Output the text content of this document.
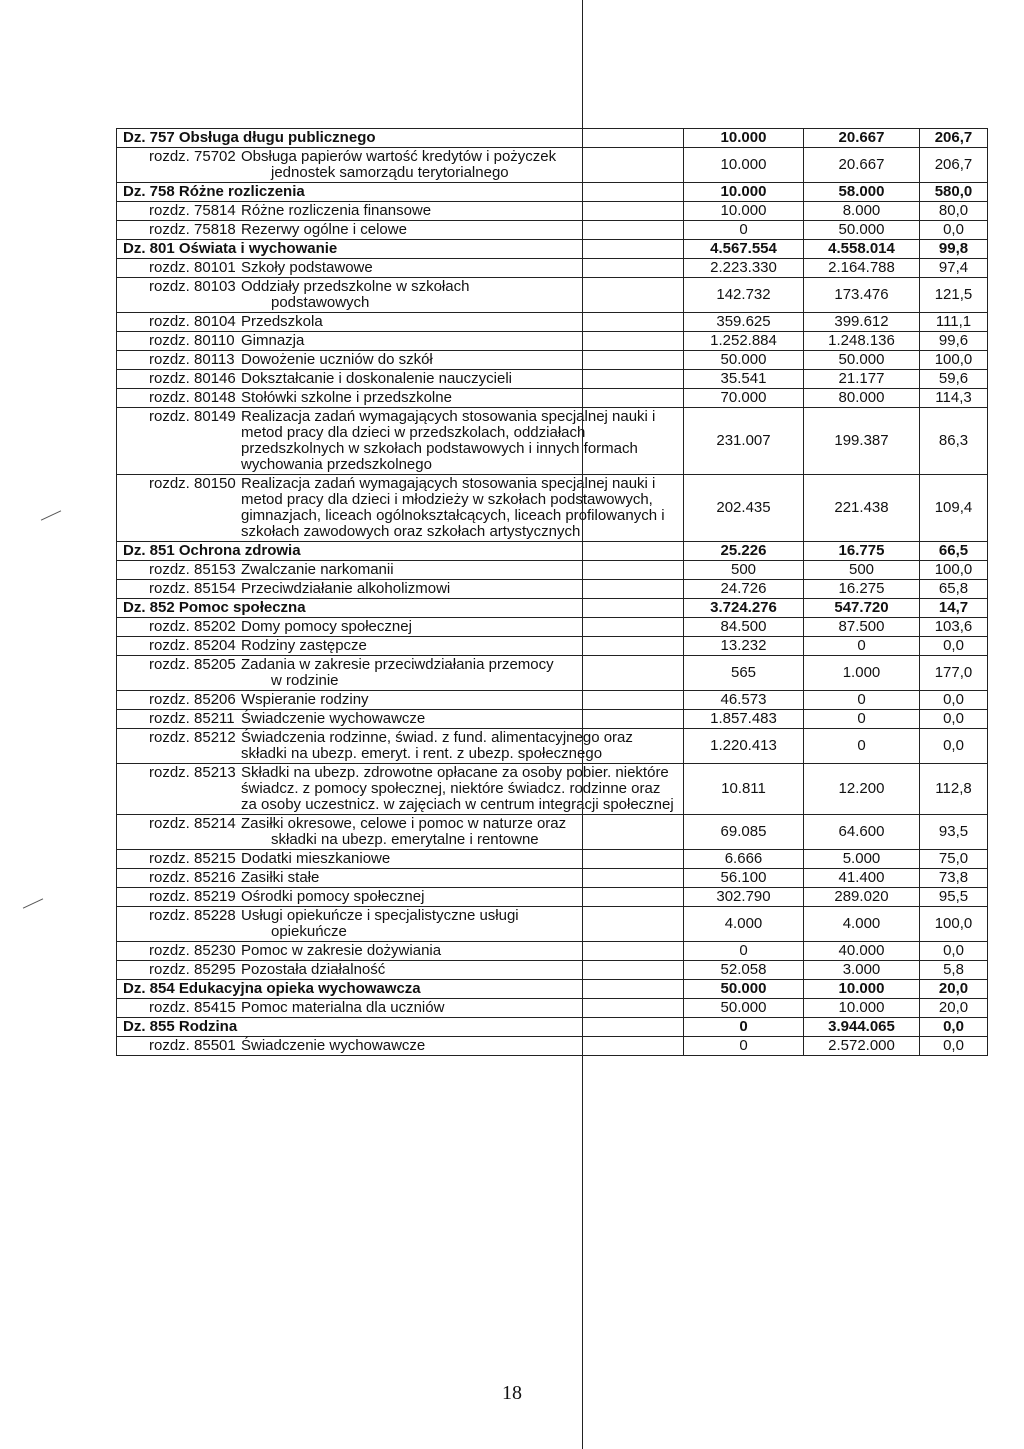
Dz. 757 Obsługa długu publicznego	10.000	20.667	206,7
rozdz. 75702 Obsługa papierów wartość kredytów i pożyczek
jednostek samorządu terytorialnego	10.000	20.667	206,7
Dz. 758 Różne rozliczenia	10.000	58.000	580,0
rozdz. 75814 Różne rozliczenia finansowe	10.000	8.000	80,0
rozdz. 75818 Rezerwy ogólne i celowe	0	50.000	0,0
Dz. 801 Oświata i wychowanie	4.567.554	4.558.014	99,8
rozdz. 80101 Szkoły podstawowe	2.223.330	2.164.788	97,4
rozdz. 80103 Oddziały przedszkolne w szkołach
podstawowych	142.732	173.476	121,5
rozdz. 80104 Przedszkola	359.625	399.612	111,1
rozdz. 80110 Gimnazja	1.252.884	1.248.136	99,6
rozdz. 80113 Dowożenie uczniów do szkół	50.000	50.000	100,0
rozdz. 80146 Dokształcanie i doskonalenie nauczycieli	35.541	21.177	59,6
rozdz. 80148 Stołówki szkolne i przedszkolne	70.000	80.000	114,3
rozdz. 80149 Realizacja zadań wymagających stosowania specjalnej nauki i metod pracy dla dzieci w przedszkolach, oddziałach przedszkolnych w szkołach podstawowych i innych formach wychowania przedszkolnego
231.007	199.387	86,3
rozdz. 80150 Realizacja zadań wymagających stosowania specjalnej nauki i metod pracy dla dzieci i młodzieży w szkołach podstawowych, gimnazjach, liceach ogólnokształcących, liceach profilowanych i szkołach zawodowych oraz szkołach artystycznych
202.435	221.438	109,4
Dz. 851 Ochrona zdrowia	25.226	16.775	66,5
rozdz. 85153 Zwalczanie narkomanii	500	500	100,0
rozdz. 85154 Przeciwdziałanie alkoholizmowi	24.726	16.275	65,8
Dz. 852 Pomoc społeczna	3.724.276	547.720	14,7
rozdz. 85202 Domy pomocy społecznej	84.500	87.500	103,6
rozdz. 85204 Rodziny zastępcze	13.232	0	0,0
rozdz. 85205 Zadania w zakresie przeciwdziałania przemocy
w rodzinie	565	1.000	177,0
rozdz. 85206 Wspieranie rodziny	46.573	0	0,0
rozdz. 85211 Świadczenie wychowawcze	1.857.483	0	0,0
rozdz. 85212 Świadczenia rodzinne, świad. z fund. alimentacyjnego oraz składki na ubezp. emeryt. i rent. z ubezp. społecznego	1.220.413	0	0,0
rozdz. 85213 Składki na ubezp. zdrowotne opłacane za osoby pobier. niektóre świadcz. z pomocy społecznej, niektóre świadcz. rodzinne oraz za osoby uczestnicz. w zajęciach w centrum integracji społecznej
10.811	12.200	112,8
rozdz. 85214 Zasiłki okresowe, celowe i pomoc w naturze oraz
składki na ubezp. emerytalne i rentowne	69.085	64.600	93,5
rozdz. 85215 Dodatki mieszkaniowe	6.666	5.000	75,0
rozdz. 85216 Zasiłki stałe	56.100	41.400	73,8
rozdz. 85219 Ośrodki pomocy społecznej	302.790	289.020	95,5
rozdz. 85228 Usługi opiekuńcze i specjalistyczne usługi
opiekuńcze	4.000	4.000	100,0
rozdz. 85230 Pomoc w zakresie dożywiania	0	40.000	0,0
rozdz. 85295 Pozostała działalność	52.058	3.000	5,8
Dz. 854 Edukacyjna opieka wychowawcza	50.000	10.000	20,0
rozdz. 85415 Pomoc materialna dla uczniów	50.000	10.000	20,0
Dz. 855 Rodzina	0	3.944.065	0,0
rozdz. 85501 Świadczenie wychowawcze	0	2.572.000	0,0
18
